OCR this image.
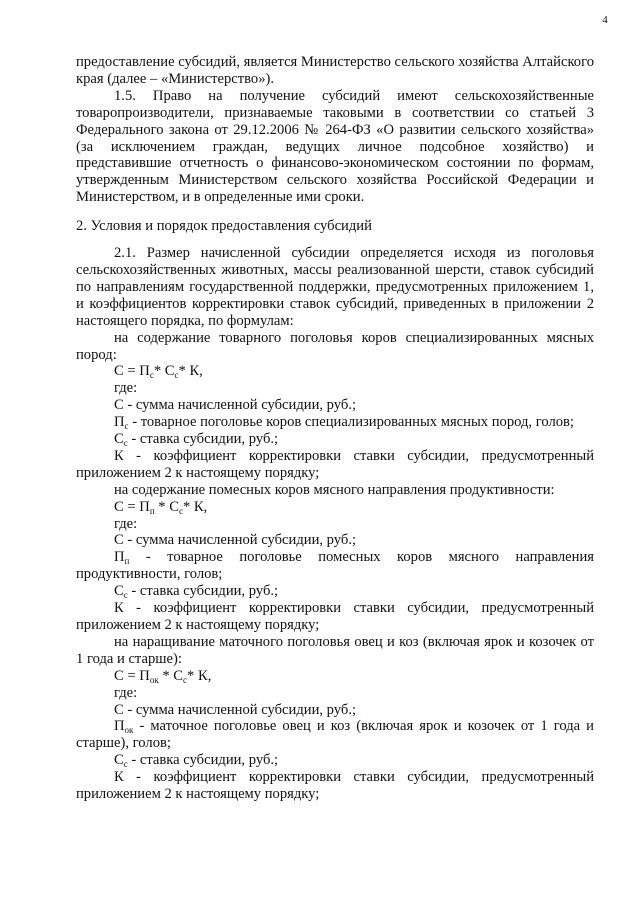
4

предоставление субсидий, является Министерство сельского хозяйства Алтайского края (далее – «Министерство»).

1.5. Право на получение субсидий имеют сельскохозяйственные товаропроизводители, признаваемые таковыми в соответствии со статьей 3 Федерального закона от 29.12.2006 № 264-ФЗ «О развитии сельского хозяйства» (за исключением граждан, ведущих личное подсобное хозяйство) и представившие отчетность о финансово-экономическом состоянии по формам, утвержденным Министерством сельского хозяйства Российской Федерации и Министерством, и в определенные ими сроки.

2. Условия и порядок предоставления субсидий

2.1. Размер начисленной субсидии определяется исходя из поголовья сельскохозяйственных животных, массы реализованной шерсти, ставок субсидий по направлениям государственной поддержки, предусмотренных приложением 1, и коэффициентов корректировки ставок субсидий, приведенных в приложении 2 настоящего порядка, по формулам:

на содержание товарного поголовья коров специализированных мясных пород:

$С = П_с*$ $С_с*$ К,

где:

С - сумма начисленной субсидии, руб.;

$П_с$ - товарное поголовье коров специализированных мясных пород, голов;

$С_с$ - ставка субсидии, руб.;

К - коэффициент корректировки ставки субсидии, предусмотренный приложением 2 к настоящему порядку;

на содержание помесных коров мясного направления продуктивности:

$С = П_п * С_с*$ К,

где:

С - сумма начисленной субсидии, руб.;

$П_п$ - товарное поголовье помесных коров мясного направления продуктивности, голов;

$С_с$ - ставка субсидии, руб.;

К - коэффициент корректировки ставки субсидии, предусмотренный приложением 2 к настоящему порядку;

на наращивание маточного поголовья овец и коз (включая ярок и козочек от 1 года и старше):

$С = П_{ок} * С_с*$ К,

где:

С - сумма начисленной субсидии, руб.;

$П_{ок}$ - маточное поголовье овец и коз (включая ярок и козочек от 1 года и старше), голов;

$С_с$ - ставка субсидии, руб.;

К - коэффициент корректировки ставки субсидии, предусмотренный приложением 2 к настоящему порядку;
